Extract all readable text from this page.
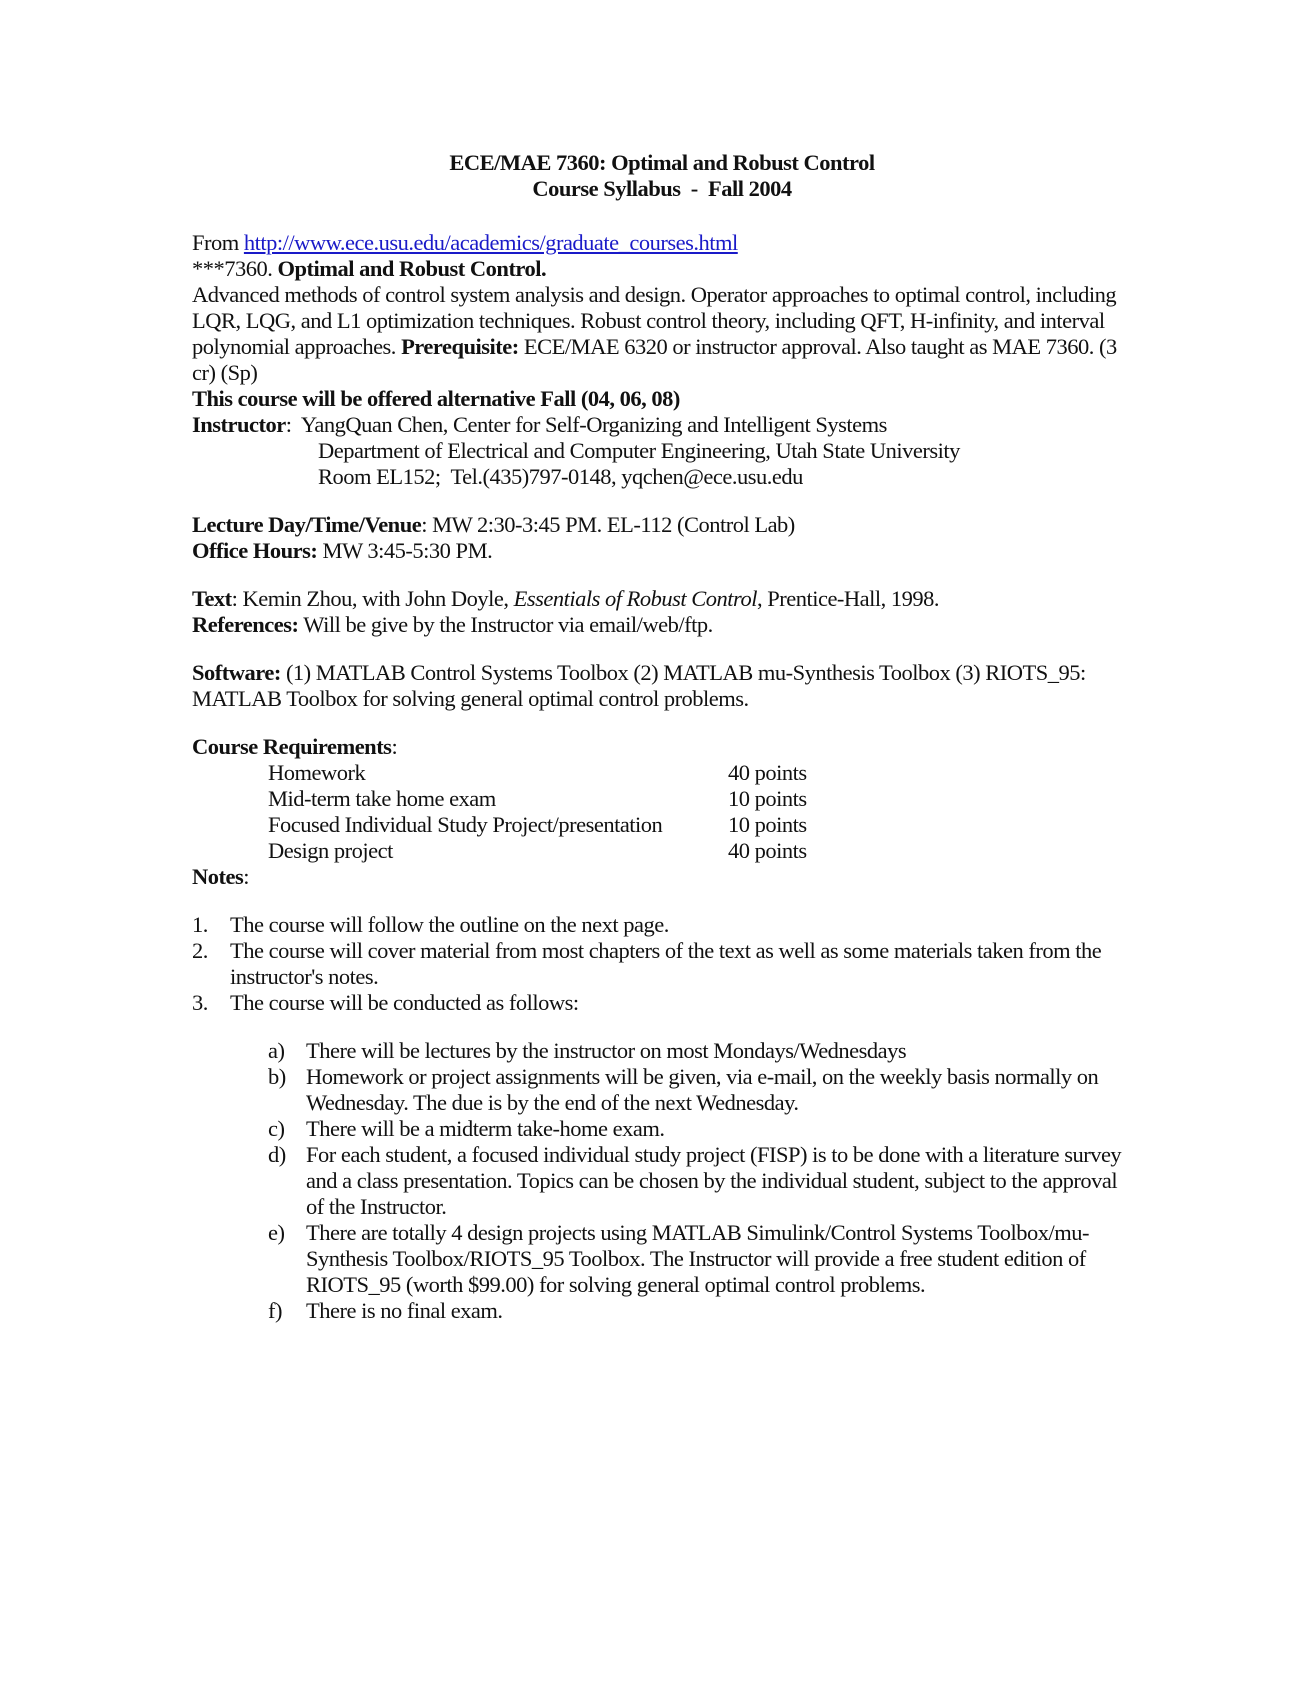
ECE/MAE 7360: Optimal and Robust Control

Course Syllabus  -  Fall 2004

From http://www.ece.usu.edu/academics/graduate_courses.html

***7360. Optimal and Robust Control.

Advanced methods of control system analysis and design. Operator approaches to optimal control, including LQR, LQG, and L1 optimization techniques. Robust control theory, including QFT, H-infinity, and interval polynomial approaches. Prerequisite: ECE/MAE 6320 or instructor approval. Also taught as MAE 7360. (3 cr) (Sp)

This course will be offered alternative Fall (04, 06, 08)

Instructor:  YangQuan Chen, Center for Self-Organizing and Intelligent Systems

Department of Electrical and Computer Engineering, Utah State University

Room EL152;  Tel.(435)797-0148, yqchen@ece.usu.edu

Lecture Day/Time/Venue: MW 2:30-3:45 PM. EL-112 (Control Lab)

Office Hours: MW 3:45-5:30 PM.

Text: Kemin Zhou, with John Doyle, Essentials of Robust Control, Prentice-Hall, 1998.

References: Will be give by the Instructor via email/web/ftp.

Software: (1) MATLAB Control Systems Toolbox (2) MATLAB mu-Synthesis Toolbox (3) RIOTS_95: MATLAB Toolbox for solving general optimal control problems.

Course Requirements:

Homework	40 points
Mid-term take home exam	10 points
Focused Individual Study Project/presentation	10 points
Design project	40 points

Notes:

1. The course will follow the outline on the next page.
2. The course will cover material from most chapters of the text as well as some materials taken from the instructor's notes.
3. The course will be conducted as follows:
a) There will be lectures by the instructor on most Mondays/Wednesdays
b) Homework or project assignments will be given, via e-mail, on the weekly basis normally on Wednesday. The due is by the end of the next Wednesday.
c) There will be a midterm take-home exam.
d) For each student, a focused individual study project (FISP) is to be done with a literature survey and a class presentation. Topics can be chosen by the individual student, subject to the approval of the Instructor.
e) There are totally 4 design projects using MATLAB Simulink/Control Systems Toolbox/mu-Synthesis Toolbox/RIOTS_95 Toolbox. The Instructor will provide a free student edition of RIOTS_95 (worth $99.00) for solving general optimal control problems.
f) There is no final exam.
